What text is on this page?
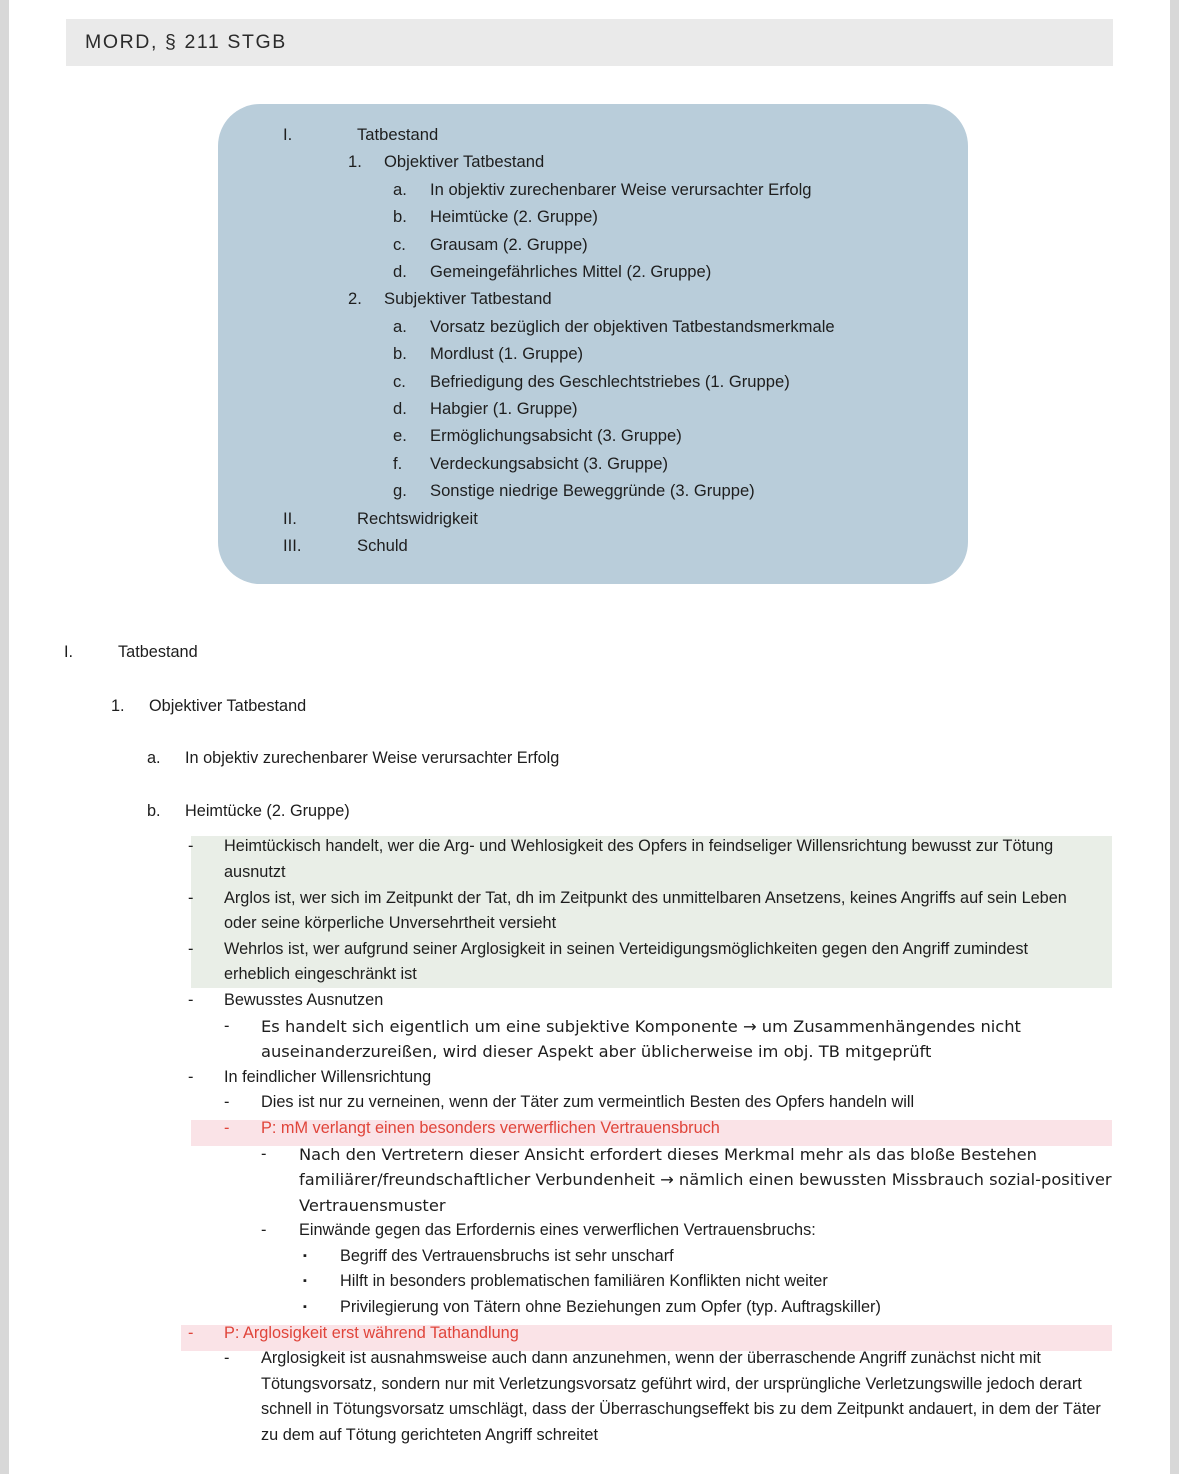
MORD, § 211 STGB
I.	Tatbestand
1.	Objektiver Tatbestand
a.	In objektiv zurechenbarer Weise verursachter Erfolg
b.	Heimtücke (2. Gruppe)
c.	Grausam (2. Gruppe)
d.	Gemeingefährliches Mittel (2. Gruppe)
2.	Subjektiver Tatbestand
a.	Vorsatz bezüglich der objektiven Tatbestandsmerkmale
b.	Mordlust (1. Gruppe)
c.	Befriedigung des Geschlechtstriebes (1. Gruppe)
d.	Habgier (1. Gruppe)
e.	Ermöglichungsabsicht (3. Gruppe)
f.	Verdeckungsabsicht (3. Gruppe)
g.	Sonstige niedrige Beweggründe (3. Gruppe)
II.	Rechtswidrigkeit
III.	Schuld
I.	Tatbestand
1.	Objektiver Tatbestand
a.	In objektiv zurechenbarer Weise verursachter Erfolg
b.	Heimtücke (2. Gruppe)
-	Heimtückisch handelt, wer die Arg- und Wehlosigkeit des Opfers in feindseliger Willensrichtung bewusst zur Tötung ausnutzt
-	Arglos ist, wer sich im Zeitpunkt der Tat, dh im Zeitpunkt des unmittelbaren Ansetzens, keines Angriffs auf sein Leben oder seine körperliche Unversehrtheit versieht
-	Wehrlos ist, wer aufgrund seiner Arglosigkeit in seinen Verteidigungsmöglichkeiten gegen den Angriff zumindest erheblich eingeschränkt ist
-	Bewusstes Ausnutzen
-	Es handelt sich eigentlich um eine subjektive Komponente → um Zusammenhängendes nicht auseinanderzureißen, wird dieser Aspekt aber üblicherweise im obj. TB mitgeprüft
-	In feindlicher Willensrichtung
-	Dies ist nur zu verneinen, wenn der Täter zum vermeintlich Besten des Opfers handeln will
-	P: mM verlangt einen besonders verwerflichen Vertrauensbruch
-	Nach den Vertretern dieser Ansicht erfordert dieses Merkmal mehr als das bloße Bestehen familiärer/freundschaftlicher Verbundenheit → nämlich einen bewussten Missbrauch sozial-positiver Vertrauensmuster
-	Einwände gegen das Erfordernis eines verwerflichen Vertrauensbruchs:
▪	Begriff des Vertrauensbruchs ist sehr unscharf
▪	Hilft in besonders problematischen familiären Konflikten nicht weiter
▪	Privilegierung von Tätern ohne Beziehungen zum Opfer (typ. Auftragskiller)
-	P: Arglosigkeit erst während Tathandlung
-	Arglosigkeit ist ausnahmsweise auch dann anzunehmen, wenn der überraschende Angriff zunächst nicht mit Tötungsvorsatz, sondern nur mit Verletzungsvorsatz geführt wird, der ursprüngliche Verletzungswille jedoch derart schnell in Tötungsvorsatz umschlägt, dass der Überraschungseffekt bis zu dem Zeitpunkt andauert, in dem der Täter zu dem auf Tötung gerichteten Angriff schreitet
